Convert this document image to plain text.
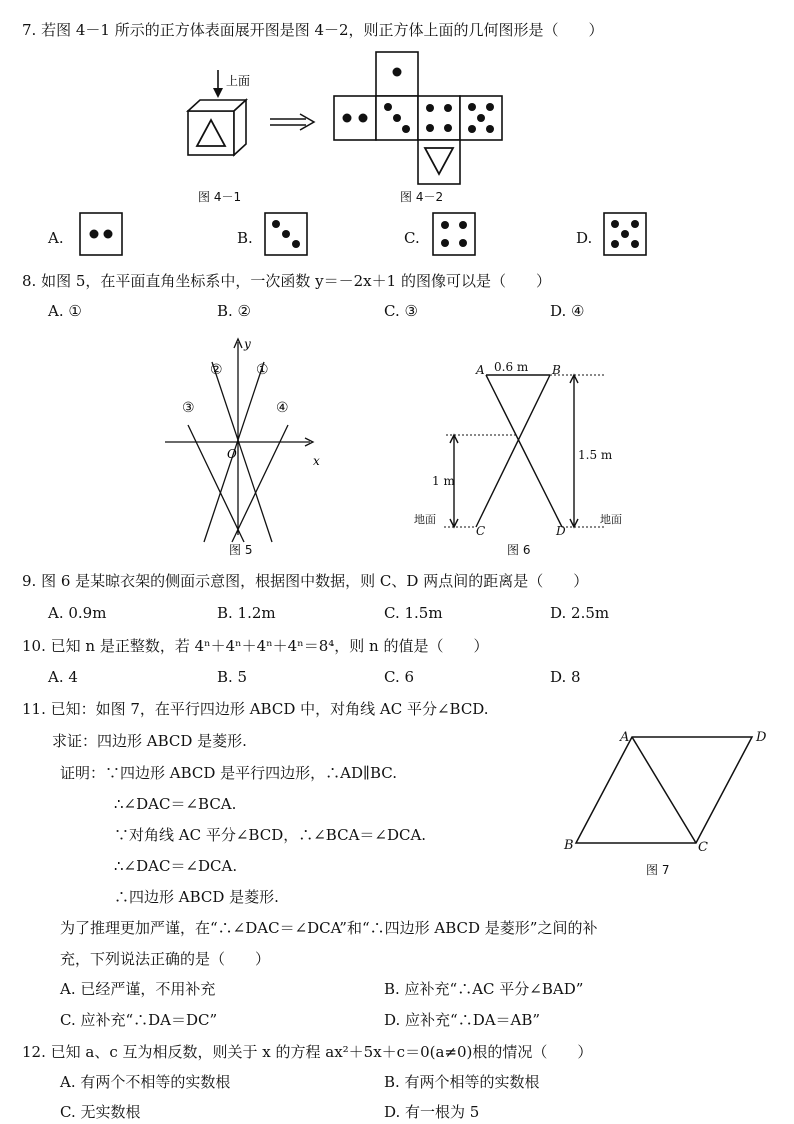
7. 若图 4－1 所示的正方体表面展开图是图 4－2，则正方体上面的几何图形是（　　）
上面
图 4－1	图 4－2
A.	B.	C.	D.
8. 如图 5，在平面直角坐标系中，一次函数 y＝－2x＋1 的图像可以是（　　）
A. ①	B. ②	C. ③	D. ④
①
②
③	④
x
y
O
图 5
0.6 m
A	B
C	D
1.5 m
1 m
地面	地面
图 6
9. 图 6 是某晾衣架的侧面示意图，根据图中数据，则 C、D 两点间的距离是（　　）
A. 0.9m	B. 1.2m	C. 1.5m	D. 2.5m
10. 已知 n 是正整数，若 4ⁿ＋4ⁿ＋4ⁿ＋4ⁿ＝8⁴，则 n 的值是（　　）
A. 4	B. 5	C. 6	D. 8
11. 已知：如图 7，在平行四边形 ABCD 中，对角线 AC 平分∠BCD.
求证：四边形 ABCD 是菱形.
证明：∵四边形 ABCD 是平行四边形，∴AD∥BC.
∴∠DAC＝∠BCA.
∵对角线 AC 平分∠BCD，∴∠BCA＝∠DCA.
∴∠DAC＝∠DCA.
∴四边形 ABCD 是菱形.
A	D
B	C
图 7
为了推理更加严谨，在“∴∠DAC＝∠DCA”和“∴四边形 ABCD 是菱形”之间的补
充，下列说法正确的是（　　）
A. 已经严谨，不用补充	B. 应补充“∴AC 平分∠BAD”
C. 应补充“∴DA＝DC”	D. 应补充“∴DA＝AB”
12. 已知 a、c 互为相反数，则关于 x 的方程 ax²＋5x＋c＝0(a≠0)根的情况（　　）
A. 有两个不相等的实数根	B. 有两个相等的实数根
C. 无实数根	D. 有一根为 5
